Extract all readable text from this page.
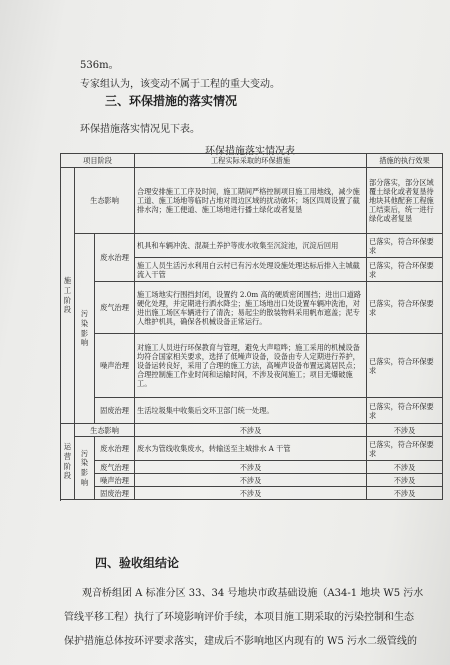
536m。
专家组认为，该变动不属于工程的重大变动。
三、环保措施的落实情况
环保措施落实情况见下表。
环保措施落实情况表
项目阶段			工程实际采取的环保措施	措施的执行效果
施工阶段	生态影响		合理安排施工工序及时间，施工期间严格控制项目施工用地线，减少施工道、施工场地等临时占地对周边区域的扰动破坏；场区四周设置了截排水沟；施工便道、施工场地进行播土绿化或者复垦	部分落实，部分区域覆土绿化或者复垦待地块其他配套工程施工结束后，统一进行绿化或者复垦
	污染影响	废水治理	机具和车辆冲洗、混凝土养护等废水收集至沉淀池，沉淀后回用	已落实，符合环保要求
			施工人员生活污水利用白云村已有污水处理设施处理达标后排入主城截流入干管	已落实，符合环保要求
		废气治理	施工场地实行围挡封闭，设置约 2.0m 高的硬质密闭围挡；进出口道路硬化处理，并定期进行洒水降尘；施工场地出口处设置车辆冲洗池，对进出施工场区车辆进行了清洗；易起尘的散装物料采用帆布遮盖；泥专人维护机具，确保各机械设备正常运行。	已落实，符合环保要求
		噪声治理	对施工人员进行环保教育与管理，避免大声喧哗；施工采用的机械设备均符合国家相关要求，选择了低噪声设备，设备由专人定期进行养护，设备运转良好，采用了合理的施工方法，高噪声设备布置远离居民点；合理控制施工作业时间和运输时间，不涉及夜间施工；项目无爆破施工。	已落实，符合环保要求
		固废治理	生活垃圾集中收集后交环卫部门统一处理。	已落实，符合环保要求

运营阶段	生态影响		不涉及	不涉及
	污染影响	废水治理	废水为管线收集废水，转输送至主城排水 A 干管	已落实，符合环保要求
		废气治理	不涉及	不涉及
		噪声治理	不涉及	不涉及
		固废治理	不涉及	不涉及

四、验收组结论
观音桥组团 A 标准分区 33、34 号地块市政基础设施（A34-1 地块 W5 污水
管线平移工程）执行了环境影响评价手续，本项目施工期采取的污染控制和生态
保护措施总体按环评要求落实，建成后不影响地区内现有的 W5 污水二级管线的
